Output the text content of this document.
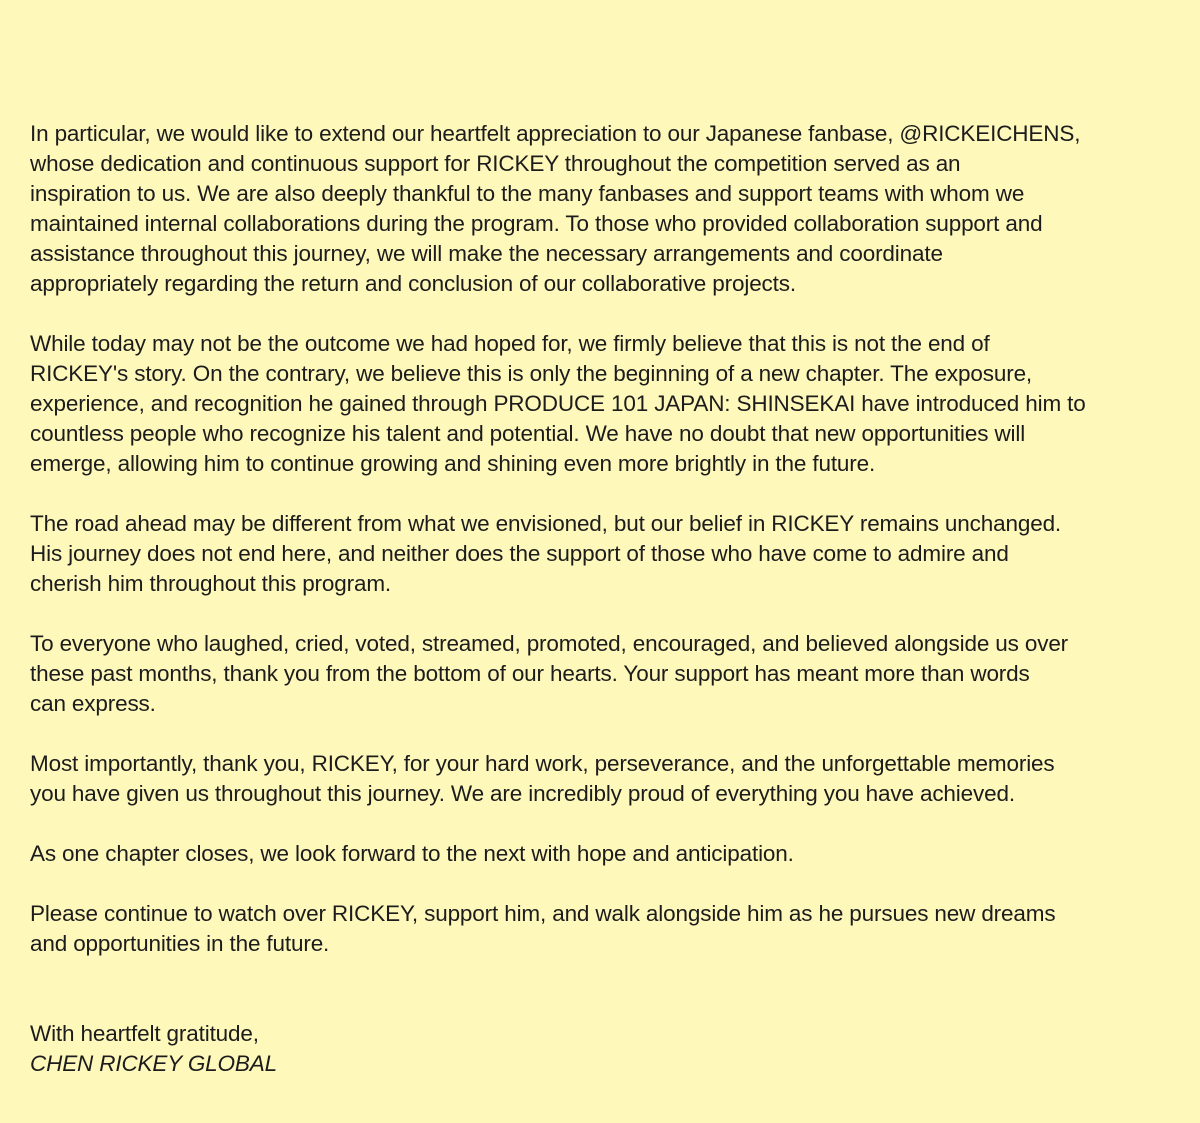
In particular, we would like to extend our heartfelt appreciation to our Japanese fanbase, @RICKEICHENS,
whose dedication and continuous support for RICKEY throughout the competition served as an
inspiration to us. We are also deeply thankful to the many fanbases and support teams with whom we
maintained internal collaborations during the program. To those who provided collaboration support and
assistance throughout this journey, we will make the necessary arrangements and coordinate
appropriately regarding the return and conclusion of our collaborative projects.

While today may not be the outcome we had hoped for, we firmly believe that this is not the end of
RICKEY's story. On the contrary, we believe this is only the beginning of a new chapter. The exposure,
experience, and recognition he gained through PRODUCE 101 JAPAN: SHINSEKAI have introduced him to
countless people who recognize his talent and potential. We have no doubt that new opportunities will
emerge, allowing him to continue growing and shining even more brightly in the future.

The road ahead may be different from what we envisioned, but our belief in RICKEY remains unchanged.
His journey does not end here, and neither does the support of those who have come to admire and
cherish him throughout this program.

To everyone who laughed, cried, voted, streamed, promoted, encouraged, and believed alongside us over
these past months, thank you from the bottom of our hearts. Your support has meant more than words
can express.

Most importantly, thank you, RICKEY, for your hard work, perseverance, and the unforgettable memories
you have given us throughout this journey. We are incredibly proud of everything you have achieved.

As one chapter closes, we look forward to the next with hope and anticipation.

Please continue to watch over RICKEY, support him, and walk alongside him as he pursues new dreams
and opportunities in the future.

With heartfelt gratitude,
CHEN RICKEY GLOBAL
